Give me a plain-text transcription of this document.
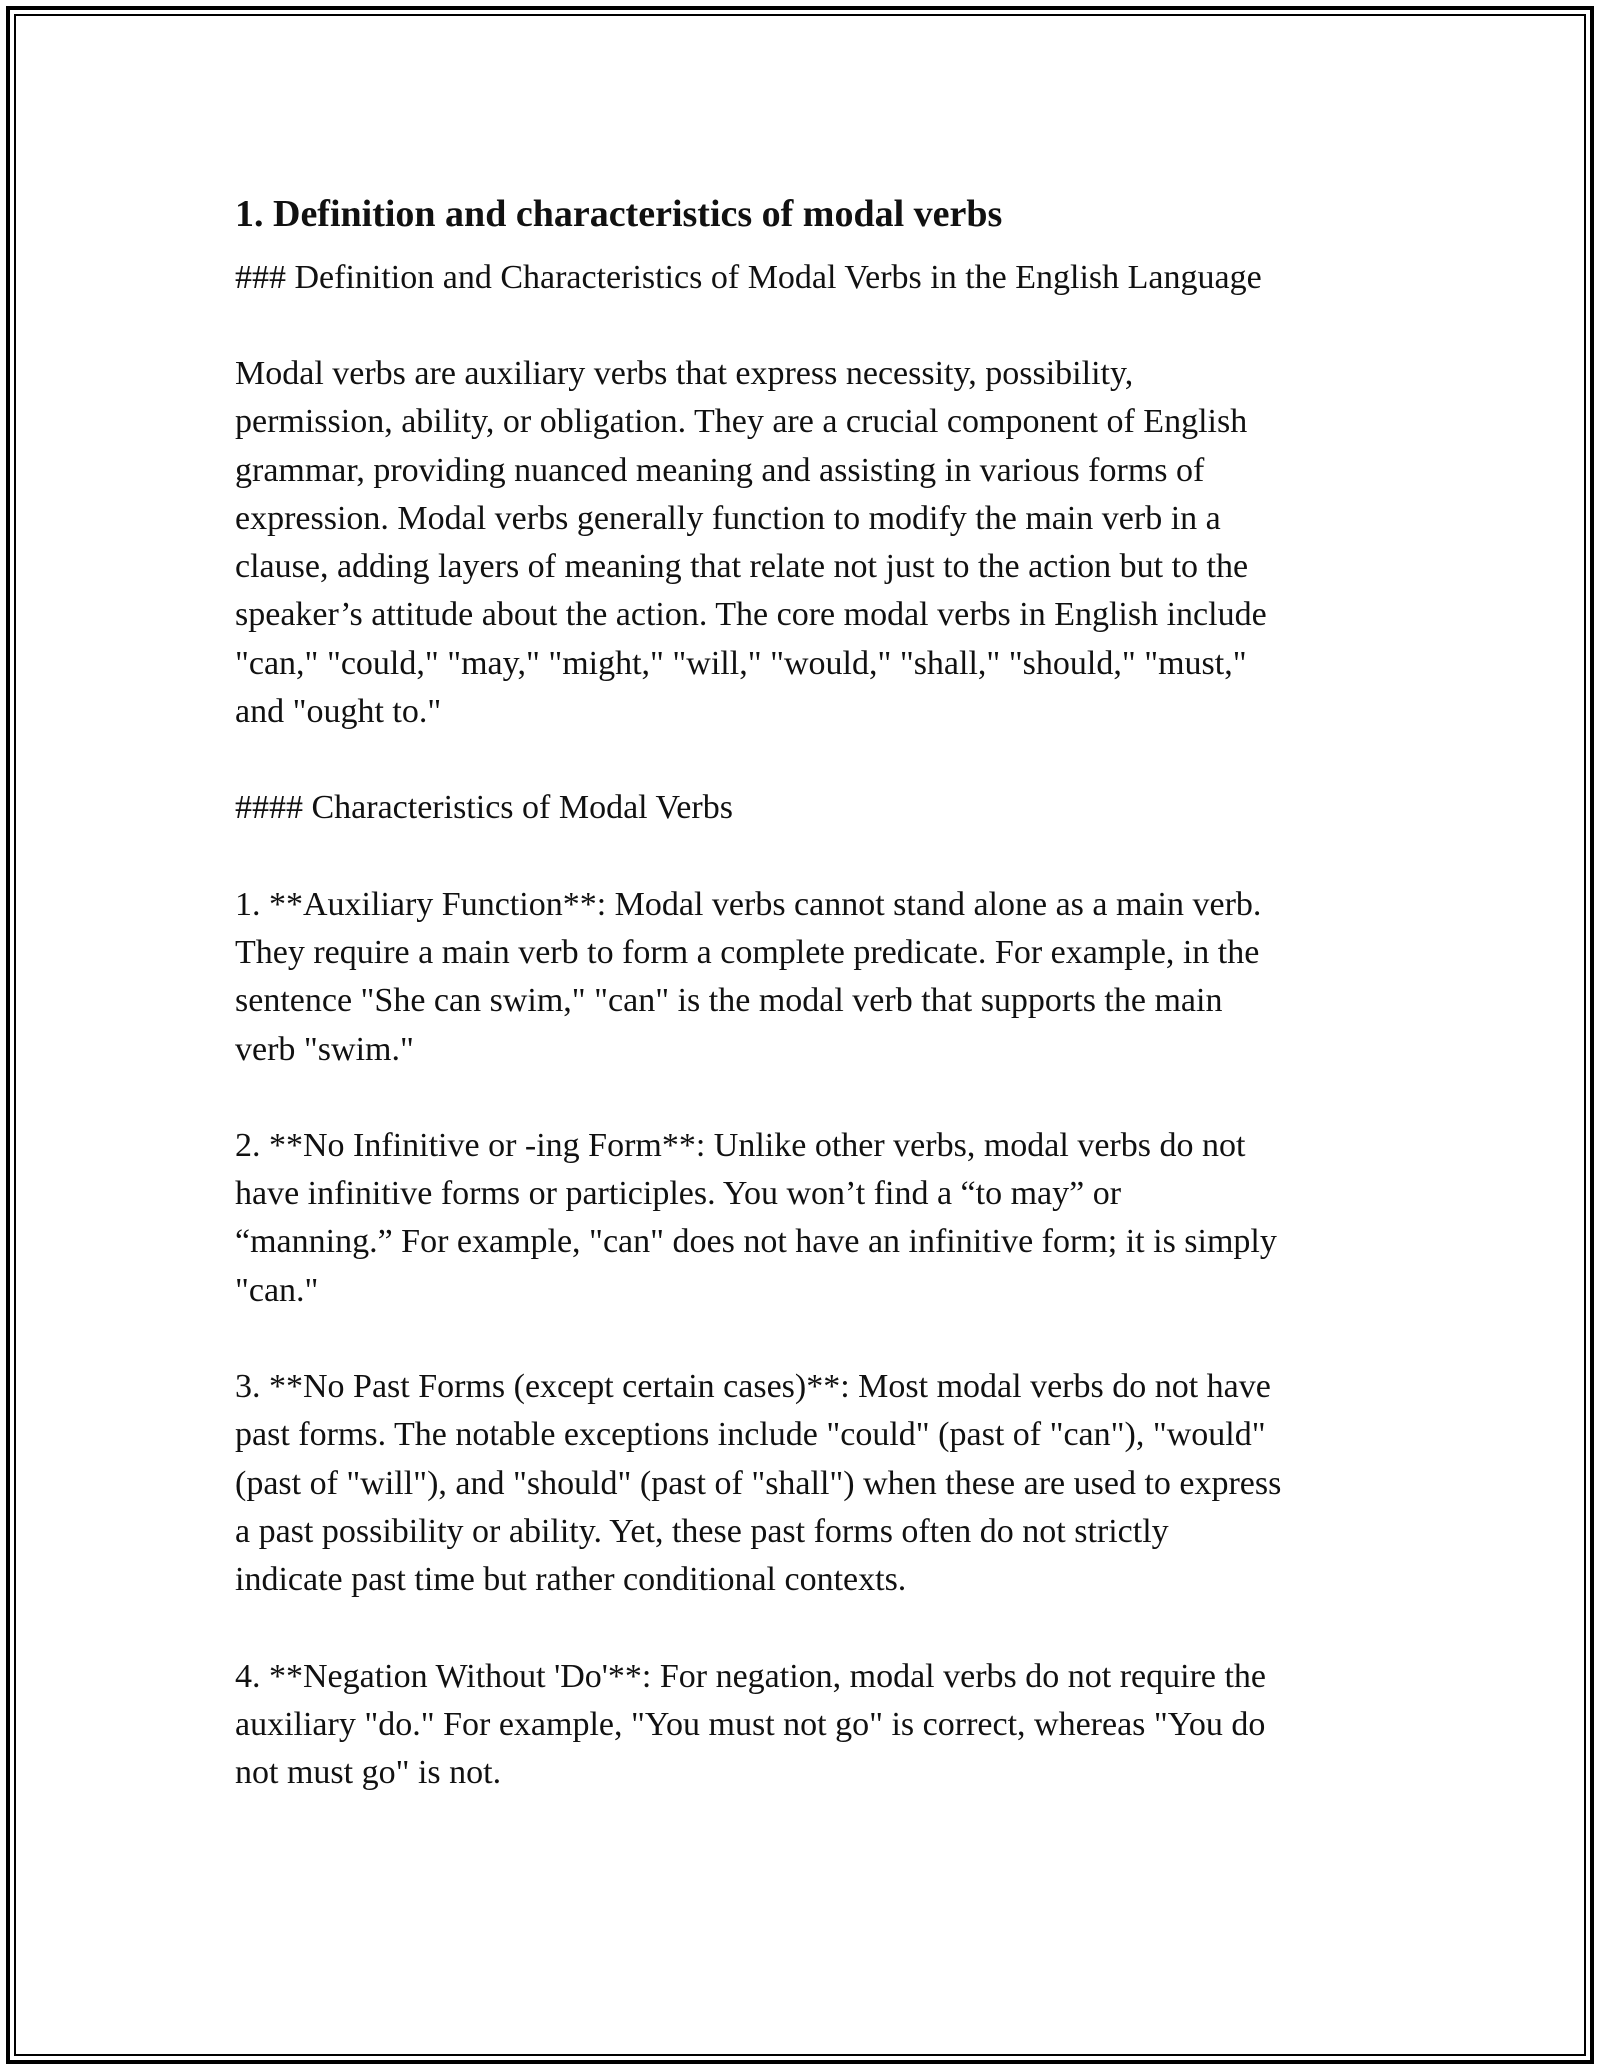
1. Definition and characteristics of modal verbs

### Definition and Characteristics of Modal Verbs in the English Language

Modal verbs are auxiliary verbs that express necessity, possibility,
permission, ability, or obligation. They are a crucial component of English
grammar, providing nuanced meaning and assisting in various forms of
expression. Modal verbs generally function to modify the main verb in a
clause, adding layers of meaning that relate not just to the action but to the
speaker’s attitude about the action. The core modal verbs in English include
"can," "could," "may," "might," "will," "would," "shall," "should," "must,"
and "ought to."

#### Characteristics of Modal Verbs

1. **Auxiliary Function**: Modal verbs cannot stand alone as a main verb.
They require a main verb to form a complete predicate. For example, in the
sentence "She can swim," "can" is the modal verb that supports the main
verb "swim."

2. **No Infinitive or -ing Form**: Unlike other verbs, modal verbs do not
have infinitive forms or participles. You won’t find a “to may” or
“manning.” For example, "can" does not have an infinitive form; it is simply
"can."

3. **No Past Forms (except certain cases)**: Most modal verbs do not have
past forms. The notable exceptions include "could" (past of "can"), "would"
(past of "will"), and "should" (past of "shall") when these are used to express
a past possibility or ability. Yet, these past forms often do not strictly
indicate past time but rather conditional contexts.

4. **Negation Without 'Do'**: For negation, modal verbs do not require the
auxiliary "do." For example, "You must not go" is correct, whereas "You do
not must go" is not.
